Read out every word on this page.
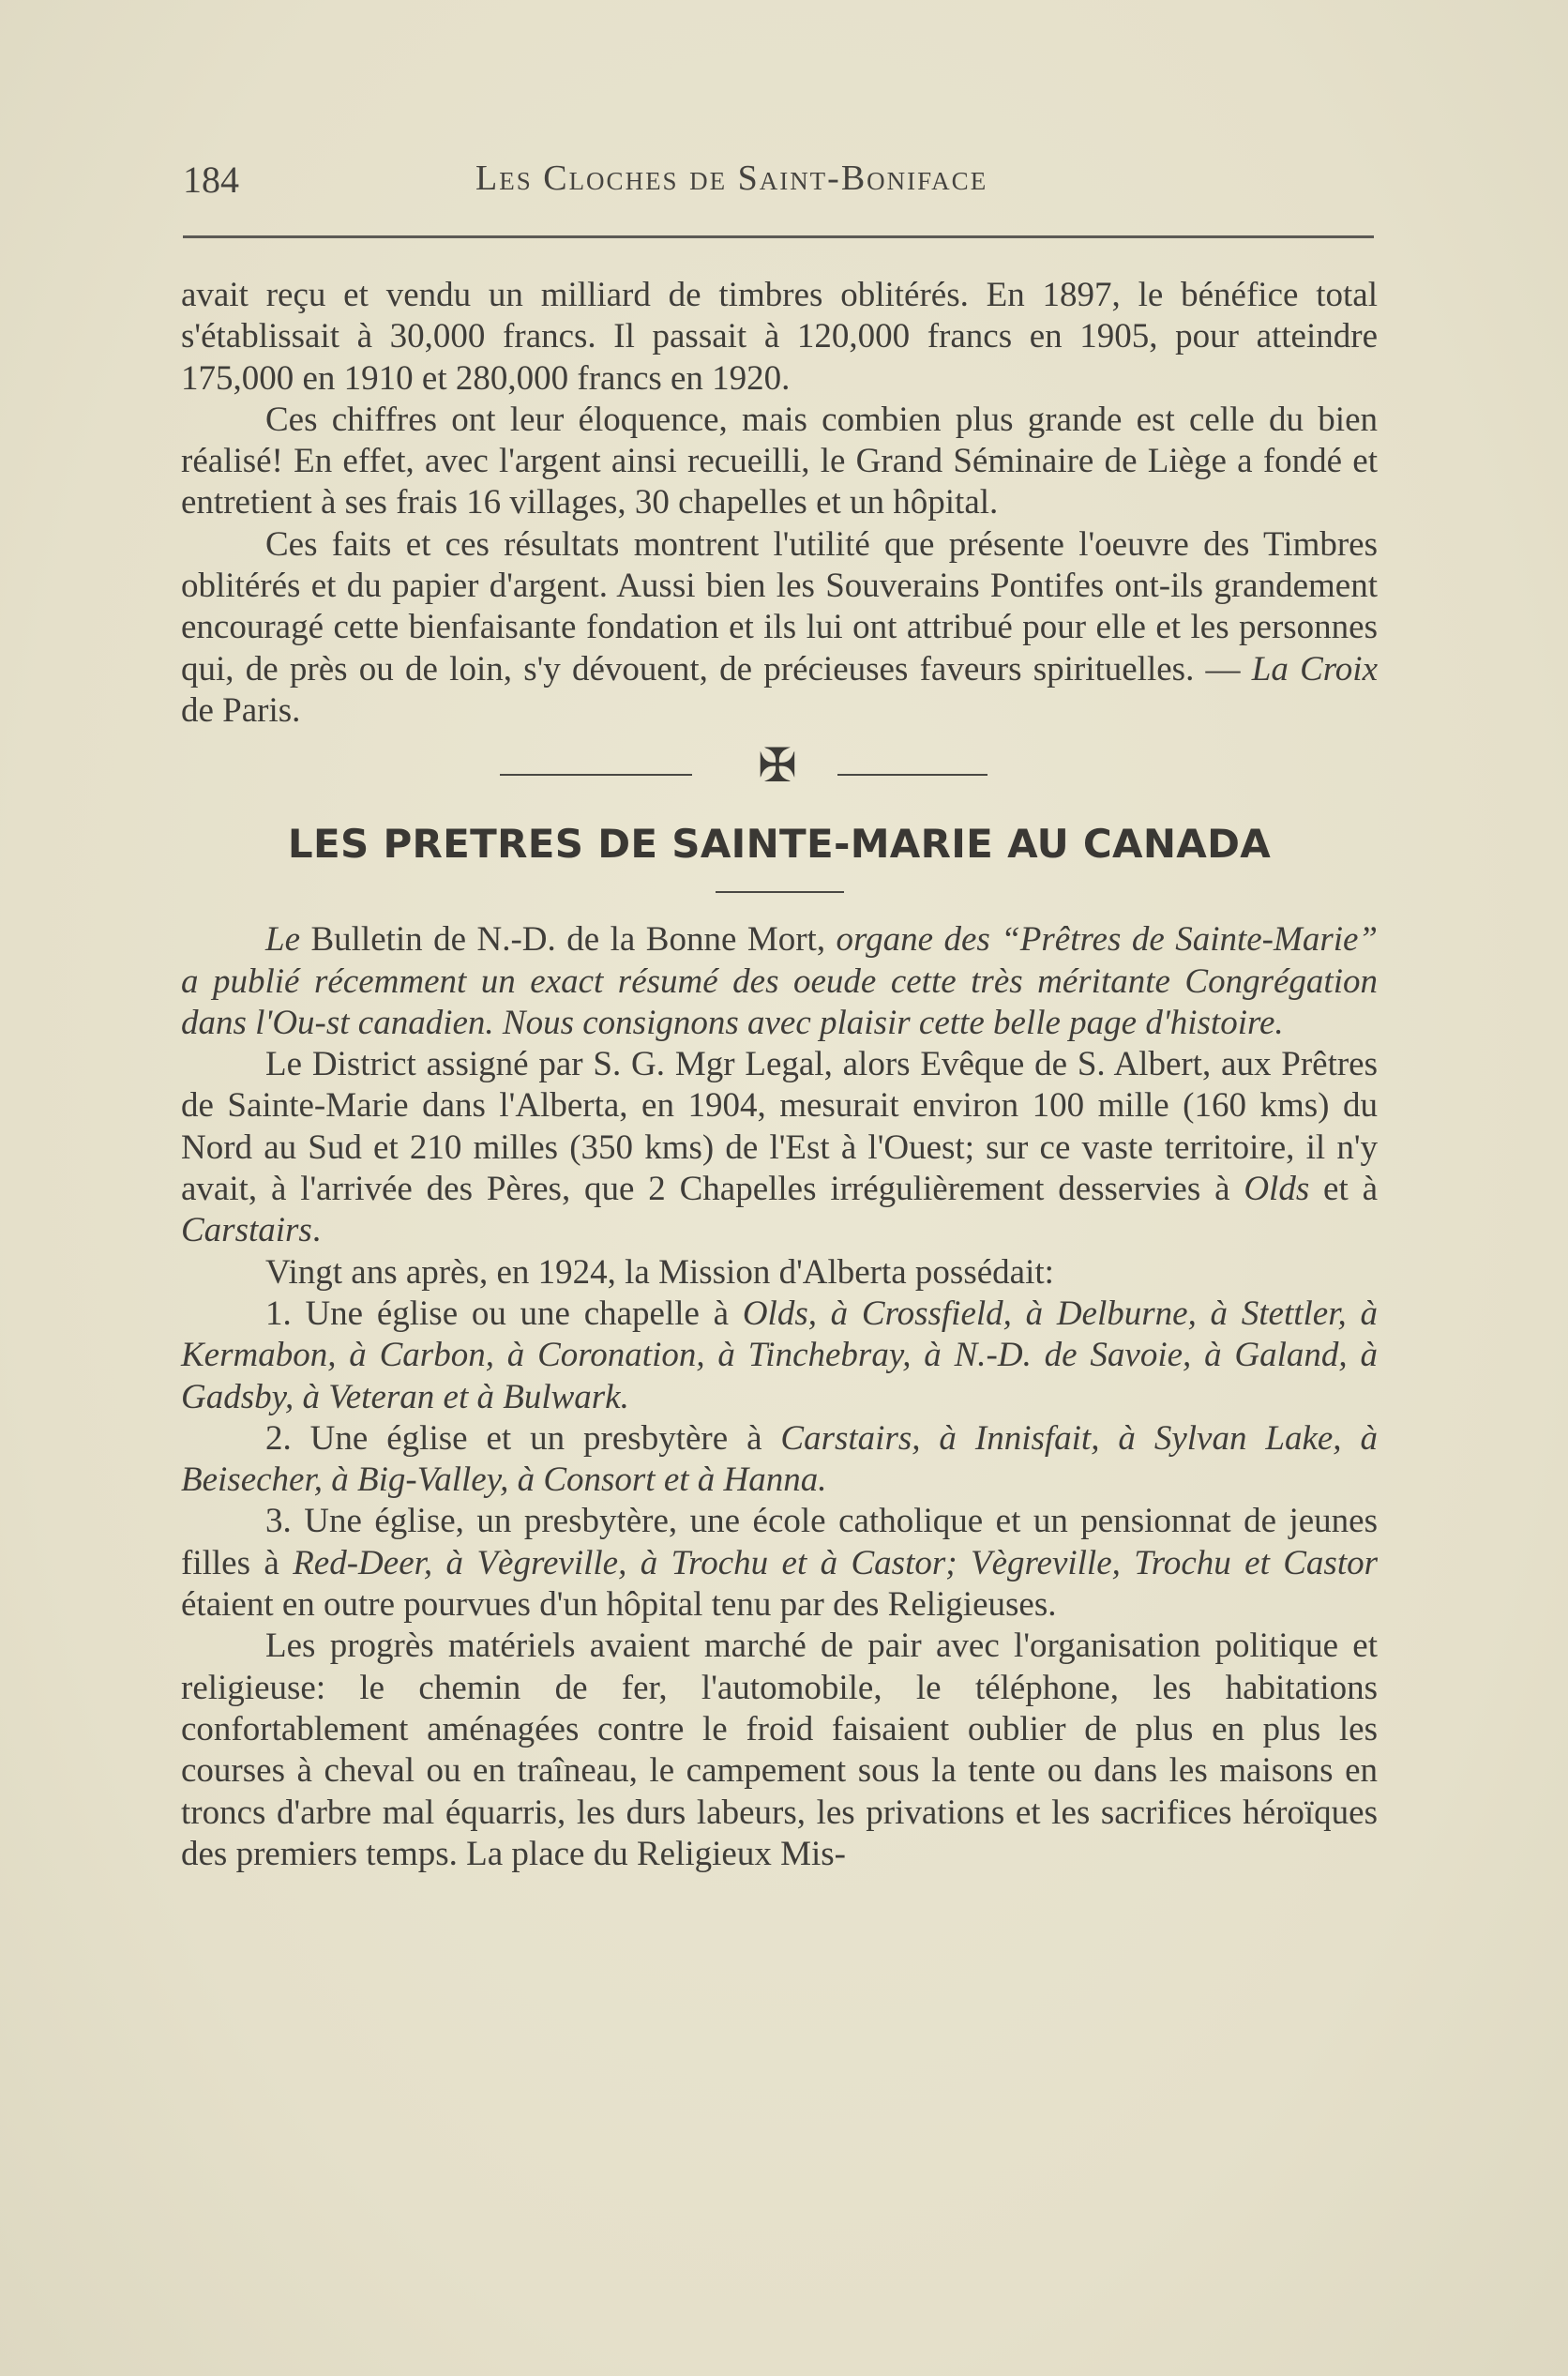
184	Les Cloches de Saint-Boniface

avait reçu et vendu un milliard de timbres oblitérés. En 1897, le bénéfice total s'établissait à 30,000 francs. Il passait à 120,000 francs en 1905, pour atteindre 175,000 en 1910 et 280,000 francs en 1920.

Ces chiffres ont leur éloquence, mais combien plus grande est celle du bien réalisé! En effet, avec l'argent ainsi recueilli, le Grand Séminaire de Liège a fondé et entretient à ses frais 16 villages, 30 chapelles et un hôpital.

Ces faits et ces résultats montrent l'utilité que présente l'oeuvre des Timbres oblitérés et du papier d'argent. Aussi bien les Souverains Pontifes ont-ils grandement encouragé cette bienfaisante fondation et ils lui ont attribué pour elle et les personnes qui, de près ou de loin, s'y dévouent, de précieuses faveurs spirituelles. — La Croix de Paris.

✠
LES PRETRES DE SAINTE-MARIE AU CANADA

Le Bulletin de N.-D. de la Bonne Mort, organe des “Prêtres de Sainte-Marie” a publié récemment un exact résumé des oeude cette très méritante Congrégation dans l'Ou-st canadien. Nous consignons avec plaisir cette belle page d'histoire.

Le District assigné par S. G. Mgr Legal, alors Evêque de S. Albert, aux Prêtres de Sainte-Marie dans l'Alberta, en 1904, mesurait environ 100 mille (160 kms) du Nord au Sud et 210 milles (350 kms) de l'Est à l'Ouest; sur ce vaste territoire, il n'y avait, à l'arrivée des Pères, que 2 Chapelles irrégulièrement desservies à Olds et à Carstairs.

Vingt ans après, en 1924, la Mission d'Alberta possédait:

1. Une église ou une chapelle à Olds, à Crossfield, à Delburne, à Stettler, à Kermabon, à Carbon, à Coronation, à Tinchebray, à N.-D. de Savoie, à Galand, à Gadsby, à Veteran et à Bulwark.

2. Une église et un presbytère à Carstairs, à Innisfait, à Sylvan Lake, à Beisecher, à Big-Valley, à Consort et à Hanna.

3. Une église, un presbytère, une école catholique et un pensionnat de jeunes filles à Red-Deer, à Vègreville, à Trochu et à Castor; Vègreville, Trochu et Castor étaient en outre pourvues d'un hôpital tenu par des Religieuses.

Les progrès matériels avaient marché de pair avec l'organisation politique et religieuse: le chemin de fer, l'automobile, le téléphone, les habitations confortablement aménagées contre le froid faisaient oublier de plus en plus les courses à cheval ou en traîneau, le campement sous la tente ou dans les maisons en troncs d'arbre mal équarris, les durs labeurs, les privations et les sacrifices héroïques des premiers temps. La place du Religieux Mis-
